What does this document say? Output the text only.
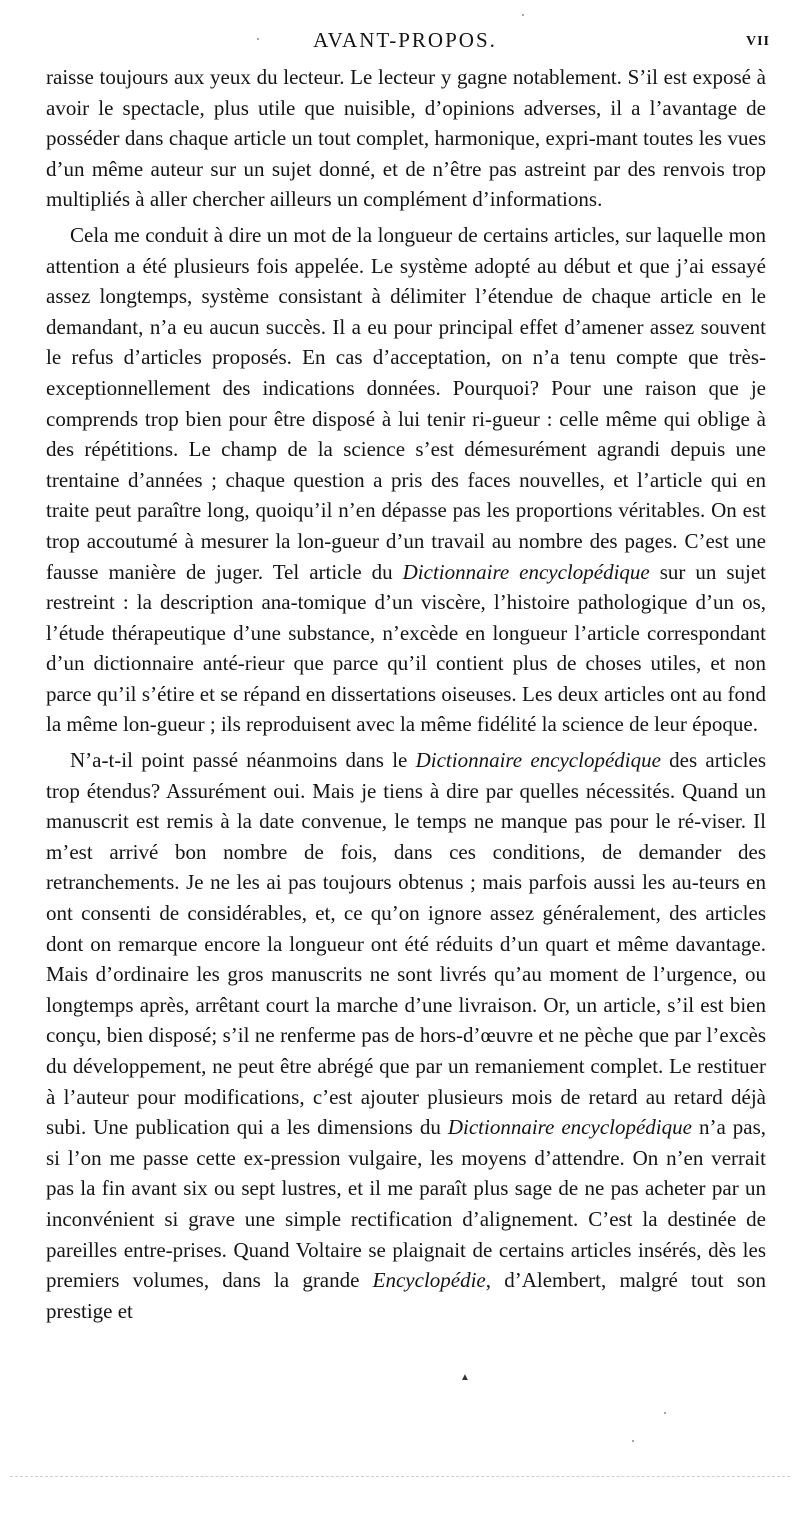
AVANT-PROPOS.	VII

raisse toujours aux yeux du lecteur. Le lecteur y gagne notablement. S’il est exposé à avoir le spectacle, plus utile que nuisible, d’opinions adverses, il a l’avantage de posséder dans chaque article un tout complet, harmonique, expri-mant toutes les vues d’un même auteur sur un sujet donné, et de n’être pas astreint par des renvois trop multipliés à aller chercher ailleurs un complément d’informations.

Cela me conduit à dire un mot de la longueur de certains articles, sur laquelle mon attention a été plusieurs fois appelée. Le système adopté au début et que j’ai essayé assez longtemps, système consistant à délimiter l’étendue de chaque article en le demandant, n’a eu aucun succès. Il a eu pour principal effet d’amener assez souvent le refus d’articles proposés. En cas d’acceptation, on n’a tenu compte que très-exceptionnellement des indications données. Pourquoi? Pour une raison que je comprends trop bien pour être disposé à lui tenir ri-gueur : celle même qui oblige à des répétitions. Le champ de la science s’est démesurément agrandi depuis une trentaine d’années ; chaque question a pris des faces nouvelles, et l’article qui en traite peut paraître long, quoiqu’il n’en dépasse pas les proportions véritables. On est trop accoutumé à mesurer la lon-gueur d’un travail au nombre des pages. C’est une fausse manière de juger. Tel article du Dictionnaire encyclopédique sur un sujet restreint : la description ana-tomique d’un viscère, l’histoire pathologique d’un os, l’étude thérapeutique d’une substance, n’excède en longueur l’article correspondant d’un dictionnaire anté-rieur que parce qu’il contient plus de choses utiles, et non parce qu’il s’étire et se répand en dissertations oiseuses. Les deux articles ont au fond la même lon-gueur ; ils reproduisent avec la même fidélité la science de leur époque.

N’a-t-il point passé néanmoins dans le Dictionnaire encyclopédique des articles trop étendus? Assurément oui. Mais je tiens à dire par quelles nécessités. Quand un manuscrit est remis à la date convenue, le temps ne manque pas pour le ré-viser. Il m’est arrivé bon nombre de fois, dans ces conditions, de demander des retranchements. Je ne les ai pas toujours obtenus ; mais parfois aussi les au-teurs en ont consenti de considérables, et, ce qu’on ignore assez généralement, des articles dont on remarque encore la longueur ont été réduits d’un quart et même davantage. Mais d’ordinaire les gros manuscrits ne sont livrés qu’au moment de l’urgence, ou longtemps après, arrêtant court la marche d’une livraison. Or, un article, s’il est bien conçu, bien disposé; s’il ne renferme pas de hors-d’œuvre et ne pèche que par l’excès du développement, ne peut être abrégé que par un remaniement complet. Le restituer à l’auteur pour modifications, c’est ajouter plusieurs mois de retard au retard déjà subi. Une publication qui a les dimensions du Dictionnaire encyclopédique n’a pas, si l’on me passe cette ex-pression vulgaire, les moyens d’attendre. On n’en verrait pas la fin avant six ou sept lustres, et il me paraît plus sage de ne pas acheter par un inconvénient si grave une simple rectification d’alignement. C’est la destinée de pareilles entre-prises. Quand Voltaire se plaignait de certains articles insérés, dès les premiers volumes, dans la grande Encyclopédie, d’Alembert, malgré tout son prestige et

▲
